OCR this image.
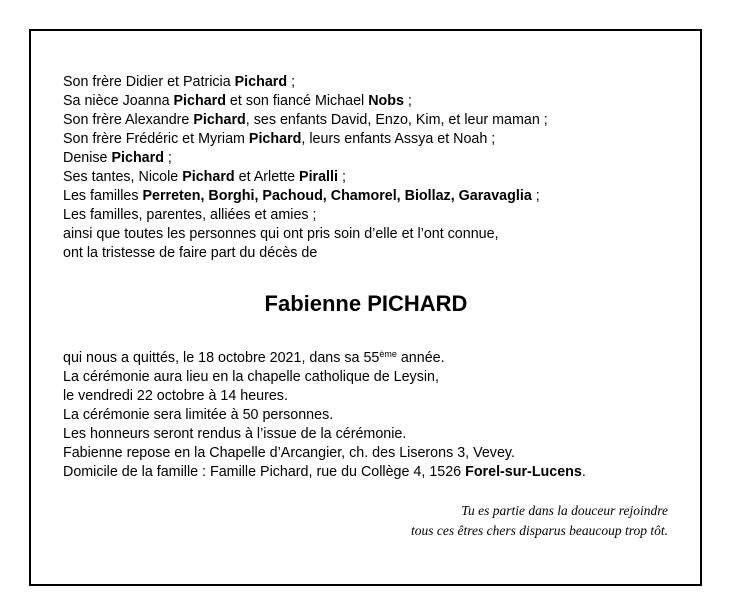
Son frère Didier et Patricia Pichard ;
Sa nièce Joanna Pichard et son fiancé Michael Nobs ;
Son frère Alexandre Pichard, ses enfants David, Enzo, Kim, et leur maman ;
Son frère Frédéric et Myriam Pichard, leurs enfants Assya et Noah ;
Denise Pichard ;
Ses tantes, Nicole Pichard et Arlette Piralli ;
Les familles Perreten, Borghi, Pachoud, Chamorel, Biollaz, Garavaglia ;
Les familles, parentes, alliées et amies ;
ainsi que toutes les personnes qui ont pris soin d’elle et l’ont connue,
ont la tristesse de faire part du décès de
Fabienne PICHARD
qui nous a quittés, le 18 octobre 2021, dans sa 55ème année.
La cérémonie aura lieu en la chapelle catholique de Leysin,
le vendredi 22 octobre à 14 heures.
La cérémonie sera limitée à 50 personnes.
Les honneurs seront rendus à l’issue de la cérémonie.
Fabienne repose en la Chapelle d’Arcangier, ch. des Liserons 3, Vevey.
Domicile de la famille : Famille Pichard, rue du Collège 4, 1526 Forel-sur-Lucens.
Tu es partie dans la douceur rejoindre
tous ces êtres chers disparus beaucoup trop tôt.
